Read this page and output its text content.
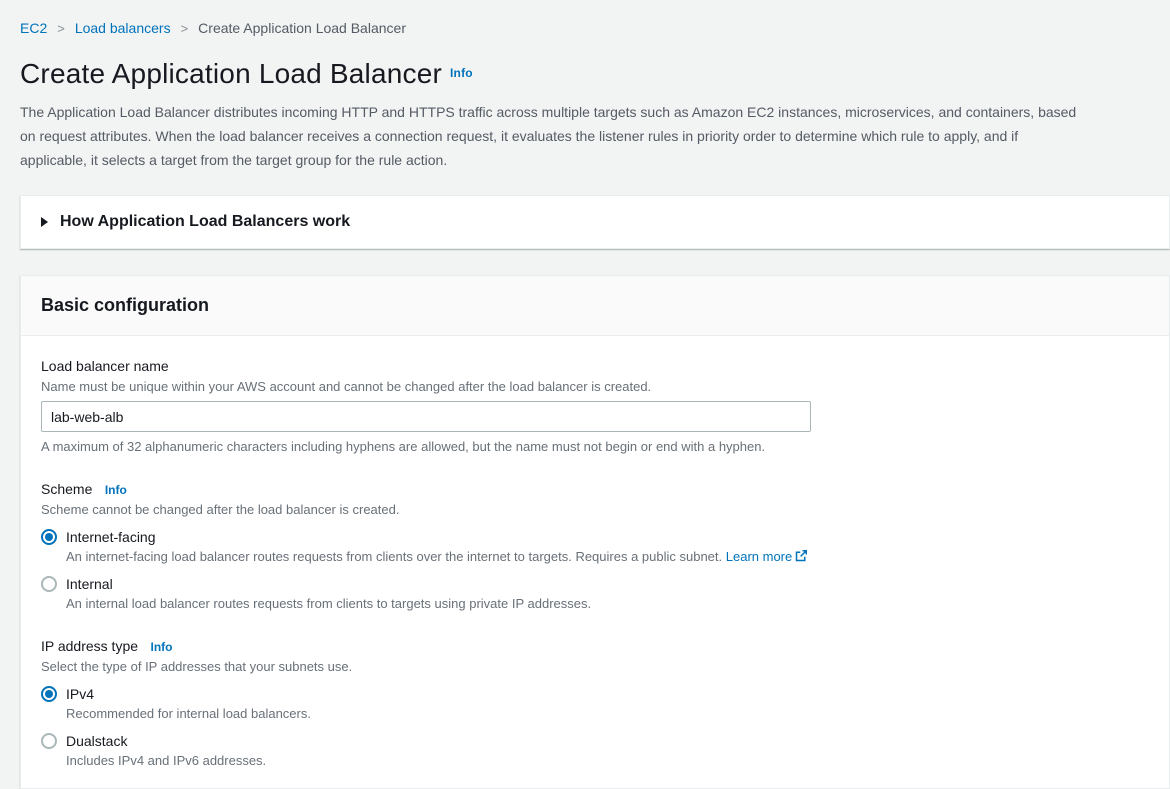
EC2 > Load balancers > Create Application Load Balancer
Create Application Load Balancer $^{Info}$
The Application Load Balancer distributes incoming HTTP and HTTPS traffic across multiple targets such as Amazon EC2 instances, microservices, and containers, based
on request attributes. When the load balancer receives a connection request, it evaluates the listener rules in priority order to determine which rule to apply, and if
applicable, it selects a target from the target group for the rule action.
How Application Load Balancers work
Basic configuration
Load balancer name
Name must be unique within your AWS account and cannot be changed after the load balancer is created.
lab-web-alb
A maximum of 32 alphanumeric characters including hyphens are allowed, but the name must not begin or end with a hyphen.
Scheme Info
Scheme cannot be changed after the load balancer is created.
Internet-facing
An internet-facing load balancer routes requests from clients over the internet to targets. Requires a public subnet. Learn more
Internal
An internal load balancer routes requests from clients to targets using private IP addresses.
IP address type Info
Select the type of IP addresses that your subnets use.
IPv4
Recommended for internal load balancers.
Dualstack
Includes IPv4 and IPv6 addresses.
